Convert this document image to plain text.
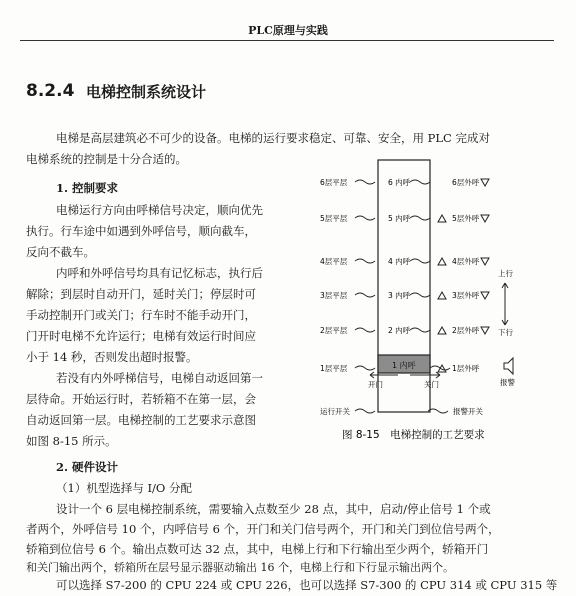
PLC原理与实践
8.2.4 电梯控制系统设计
电梯是高层建筑必不可少的设备。电梯的运行要求稳定、可靠、安全，用 PLC 完成对
电梯系统的控制是十分合适的。
1. 控制要求
电梯运行方向由呼梯信号决定，顺向优先
执行。行车途中如遇到外呼信号，顺向截车，
反向不截车。
内呼和外呼信号均具有记忆标志，执行后
解除；到层时自动开门，延时关门；停层时可
手动控制开门或关门；行车时不能手动开门，
门开时电梯不允许运行；电梯有效运行时间应
小于 14 秒，否则发出超时报警。
若没有内外呼梯信号，电梯自动返回第一
层待命。开始运行时，若轿箱不在第一层，会
自动返回第一层。电梯控制的工艺要求示意图
如图 8-15 所示。
2. 硬件设计
（1）机型选择与 I/O 分配
设计一个 6 层电梯控制系统，需要输入点数至少 28 点，其中，启动/停止信号 1 个或
者两个，外呼信号 10 个，内呼信号 6 个，开门和关门信号两个，开门和关门到位信号两个，
轿箱到位信号 6 个。输出点数可达 32 点，其中，电梯上行和下行输出至少两个，轿箱开门
和关门输出两个，轿箱所在层号显示器驱动输出 16 个，电梯上行和下行显示输出两个。
可以选择 S7-200 的 CPU 224 或 CPU 226，也可以选择 S7-300 的 CPU 314 或 CPU 315 等
6层平层	6 内呼	6层外呼
5层平层	5 内呼	5层外呼
4层平层	4 内呼	4层外呼
3层平层	3 内呼	3层外呼
2层平层	2 内呼	2层外呼
1层平层	1层外呼
1 内呼
开门	关门
上行
下行
报警
运行开关	报警开关
图 8-15　电梯控制的工艺要求
